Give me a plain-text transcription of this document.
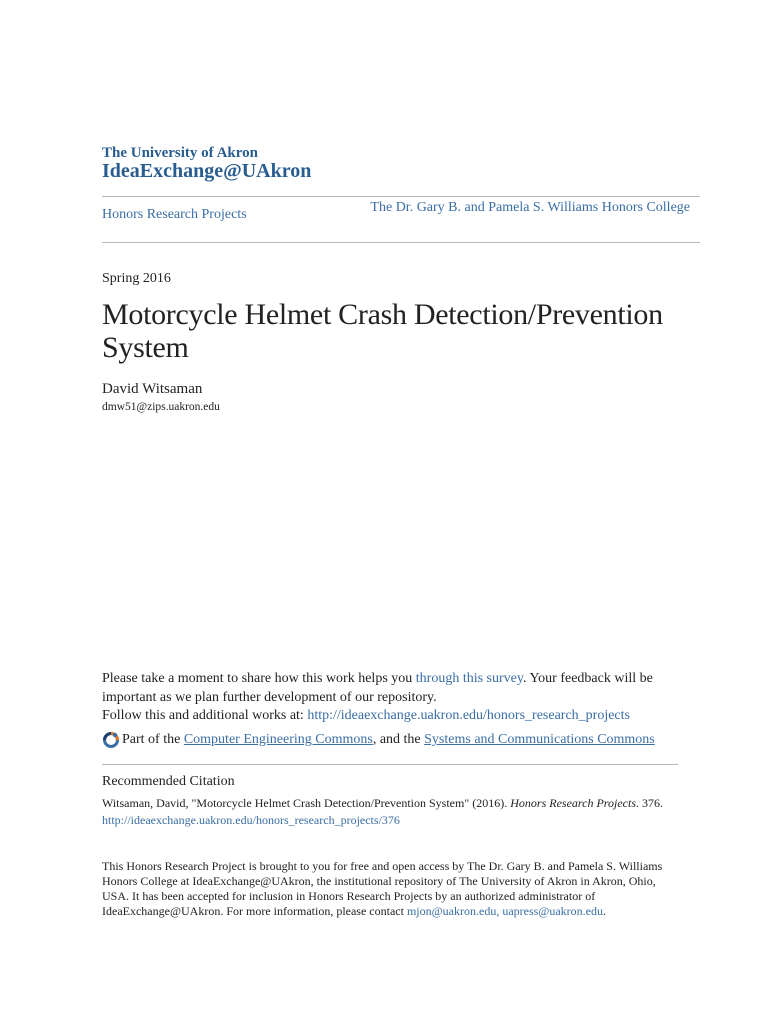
The University of Akron
IdeaExchange@UAkron
Honors Research Projects	The Dr. Gary B. and Pamela S. Williams Honors College
Spring 2016
Motorcycle Helmet Crash Detection/Prevention System
David Witsaman
dmw51@zips.uakron.edu
Please take a moment to share how this work helps you through this survey. Your feedback will be important as we plan further development of our repository.
Follow this and additional works at: http://ideaexchange.uakron.edu/honors_research_projects
Part of the
Computer Engineering Commons , and the
Systems and Communications Commons
Recommended Citation
Witsaman, David, "Motorcycle Helmet Crash Detection/Prevention System" (2016). Honors Research Projects. 376.
http://ideaexchange.uakron.edu/honors_research_projects/376
This Honors Research Project is brought to you for free and open access by The Dr. Gary B. and Pamela S. Williams Honors College at IdeaExchange@UAkron, the institutional repository of The University of Akron in Akron, Ohio, USA. It has been accepted for inclusion in Honors Research Projects by an authorized administrator of IdeaExchange@UAkron. For more information, please contact mjon@uakron.edu, uapress@uakron.edu.
